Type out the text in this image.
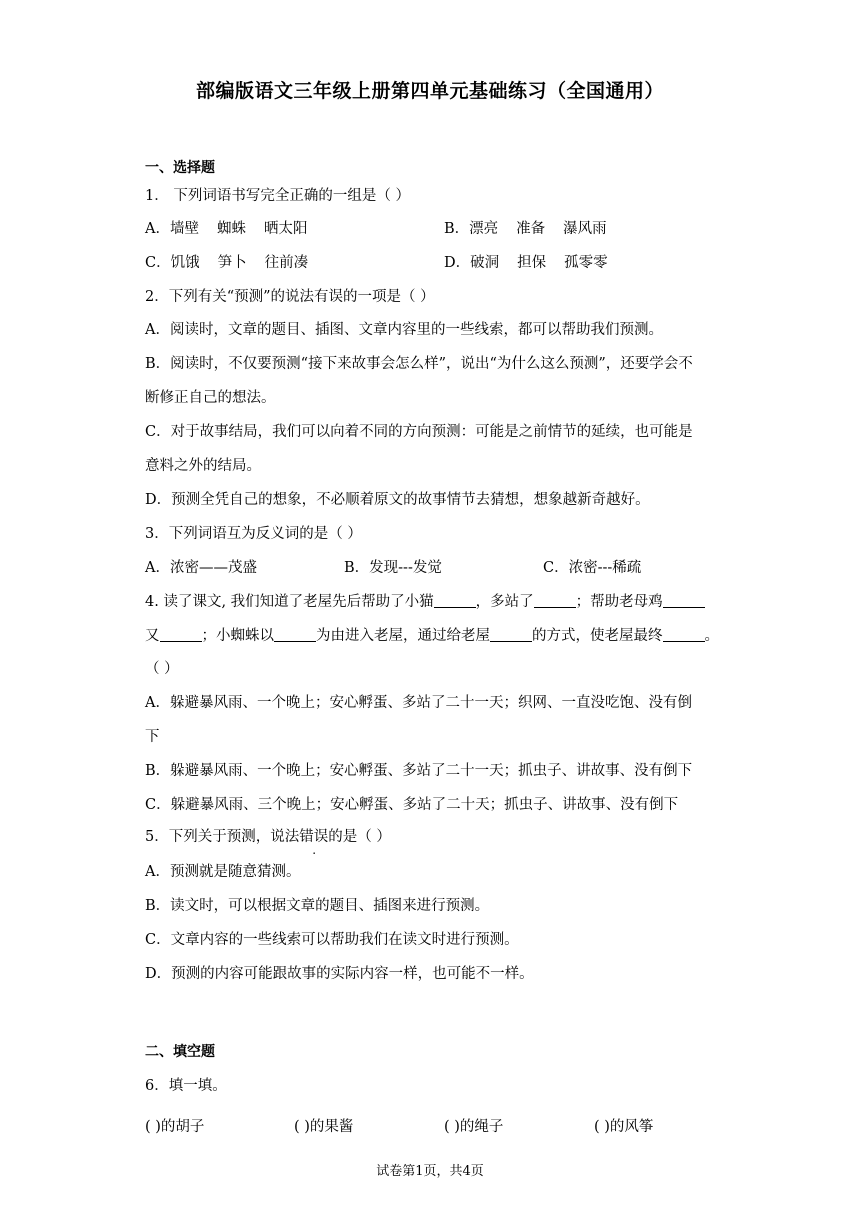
部编版语文三年级上册第四单元基础练习（全国通用）
一、选择题
1． 下列词语书写完全正确的一组是（ ）
A．墙壁 蜘蛛 晒太阳	B．漂亮 准备 瀑风雨
C．饥饿 笋卜 往前凑	D．破洞 担保 孤零零
2．下列有关“预测”的说法有误的一项是（ ）
A．阅读时，文章的题目、插图、文章内容里的一些线索，都可以帮助我们预测。
B．阅读时，不仅要预测“接下来故事会怎么样”，说出“为什么这么预测”，还要学会不
断修正自己的想法。
C．对于故事结局，我们可以向着不同的方向预测：可能是之前情节的延续，也可能是
意料之外的结局。
D．预测全凭自己的想象，不必顺着原文的故事情节去猜想，想象越新奇越好。
3．下列词语互为反义词的是（ ）
A．浓密——茂盛	B．发现---发觉	C．浓密---稀疏
4. 读了课文, 我们知道了老屋先后帮助了小猫	，多站了	；帮助老母鸡
又	；小蜘蛛以	为由进入老屋，通过给老屋	的方式，使老屋最终	。
（ ）
A．躲避暴风雨、一个晚上；安心孵蛋、多站了二十一天；织网、一直没吃饱、没有倒
下
B．躲避暴风雨、一个晚上；安心孵蛋、多站了二十一天；抓虫子、讲故事、没有倒下
C．躲避暴风雨、三个晚上；安心孵蛋、多站了二十天；抓虫子、讲故事、没有倒下
5．下列关于预测，说法错误的是（ ）
A．预测就是随意猜测。
B．读文时，可以根据文章的题目、插图来进行预测。
C．文章内容的一些线索可以帮助我们在读文时进行预测。
D．预测的内容可能跟故事的实际内容一样，也可能不一样。
二、填空题
6．填一填。
( )的胡子	( )的果酱	( )的绳子	( )的风筝
试卷第1页，共4页
